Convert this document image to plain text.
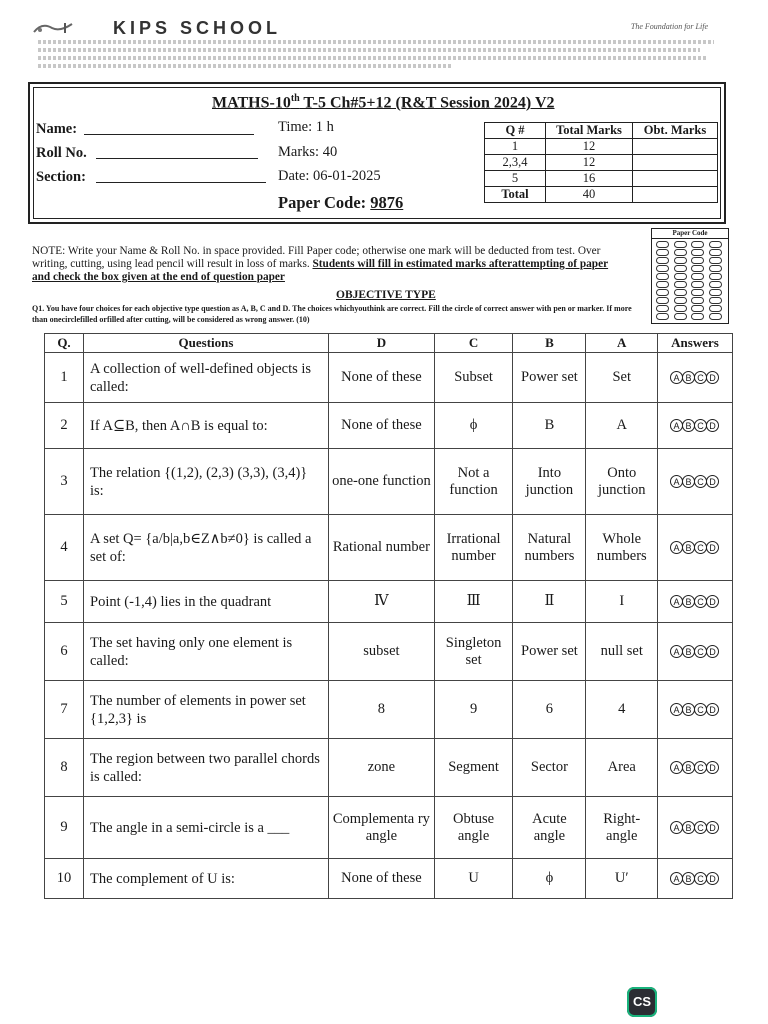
KIPS SCHOOL	The Foundation for Life
MATHS-10th T-5 Ch#5+12 (R&T Session 2024) V2
Name:
Roll No.
Section:
Time: 1 h
Marks: 40
Date: 06-01-2025
Paper Code: 9876
Q #	Total Marks	Obt. Marks
1	12	
2,3,4	12	
5	16	
Total	40	
Paper Code
NOTE: Write your Name & Roll No. in space provided. Fill Paper code; otherwise one mark will be deducted from test. Over writing, cutting, using lead pencil will result in loss of marks. Students will fill in estimated marks afterattempting of paper and check the box given at the end of question paper
OBJECTIVE TYPE
Q1. You have four choices for each objective type question as A, B, C and D. The choices whichyouthink are correct. Fill the circle of correct answer with pen or marker. If more than onecirclefilled orfilled after cutting, will be considered as wrong answer. (10)
Q.	Questions	D	C	B	A	Answers
1	A collection of well-defined objects is called:	None of these	Subset	Power set	Set	A B C D

2	If A⊆B, then A∩B is equal to:	None of these	ϕ	B	A	A B C D

3	The relation {(1,2), (2,3) (3,3), (3,4)} is:	one-one function	Not a function	Into junction	Onto junction	A B C D

4	A set Q= {a/b|a,b∈Z∧b≠0} is called a set of:	Rational number	Irrational number	Natural numbers	Whole numbers	A B C D

5	Point (-1,4) lies in the quadrant	Ⅳ	Ⅲ	Ⅱ	I	A B C D

6	The set having only one element is called:	subset	Singleton set	Power set	null set	A B C D

7	The number of elements in power set {1,2,3} is	8	9	6	4	A B C D

8	The region between two parallel chords is called:	zone	Segment	Sector	Area	A B C D

9	The angle in a semi-circle is a ___	Complementa ry angle	Obtuse angle	Acute angle	Right-angle	A B C D

10	The complement of U is:	None of these	U	ϕ	U′	A B C D
CS
